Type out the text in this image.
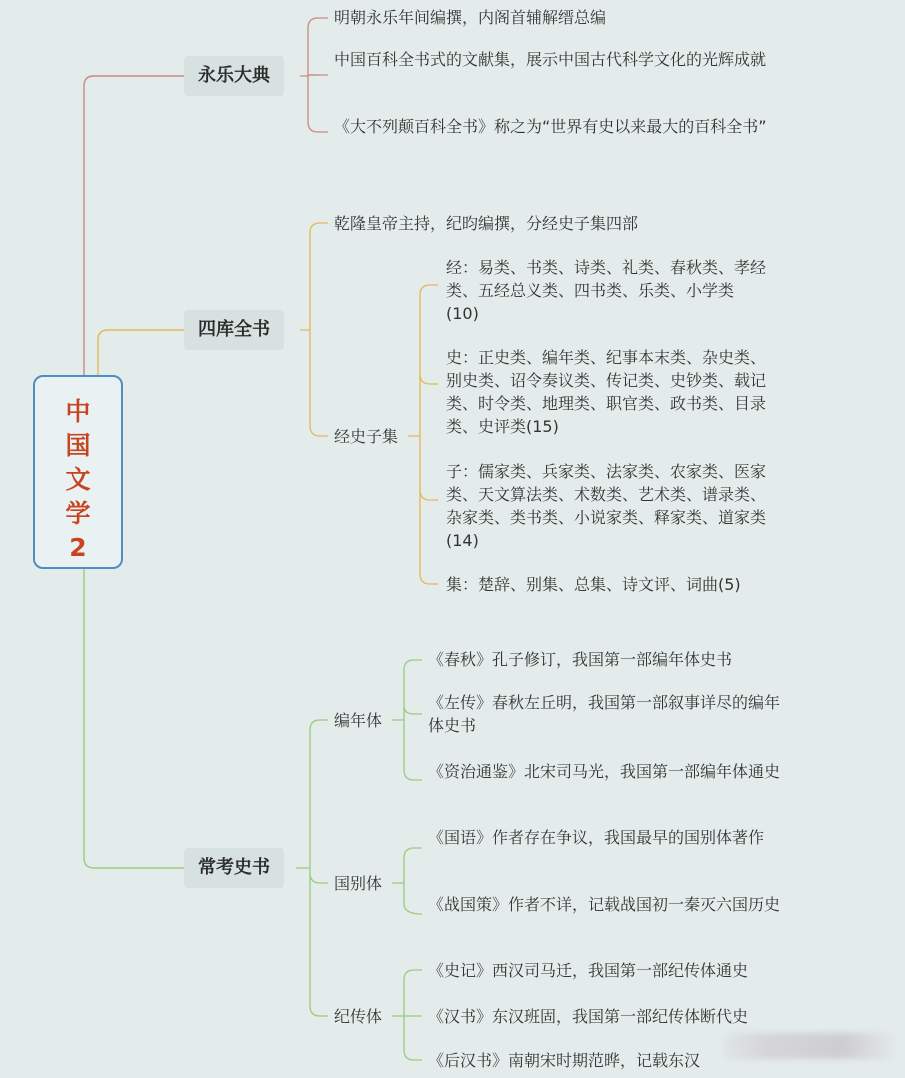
中
国
文
学
2
永乐大典
明朝永乐年间编撰，内阁首辅解缙总编
中国百科全书式的文献集，展示中国古代科学文化的光辉成就
《大不列颠百科全书》称之为“世界有史以来最大的百科全书”
四库全书
乾隆皇帝主持，纪昀编撰，分经史子集四部
经史子集
经：易类、书类、诗类、礼类、春秋类、孝经类、五经总义类、四书类、乐类、小学类(10)
史：正史类、编年类、纪事本末类、杂史类、别史类、诏令奏议类、传记类、史钞类、载记类、时令类、地理类、职官类、政书类、目录类、史评类(15)
子：儒家类、兵家类、法家类、农家类、医家类、天文算法类、术数类、艺术类、谱录类、杂家类、类书类、小说家类、释家类、道家类(14)
集：楚辞、别集、总集、诗文评、词曲(5)
常考史书
编年体
《春秋》孔子修订，我国第一部编年体史书
《左传》春秋左丘明，我国第一部叙事详尽的编年体史书
《资治通鉴》北宋司马光，我国第一部编年体通史
国别体
《国语》作者存在争议，我国最早的国别体著作
《战国策》作者不详，记载战国初一秦灭六国历史
纪传体
《史记》西汉司马迁，我国第一部纪传体通史
《汉书》东汉班固，我国第一部纪传体断代史
《后汉书》南朝宋时期范晔，记载东汉
